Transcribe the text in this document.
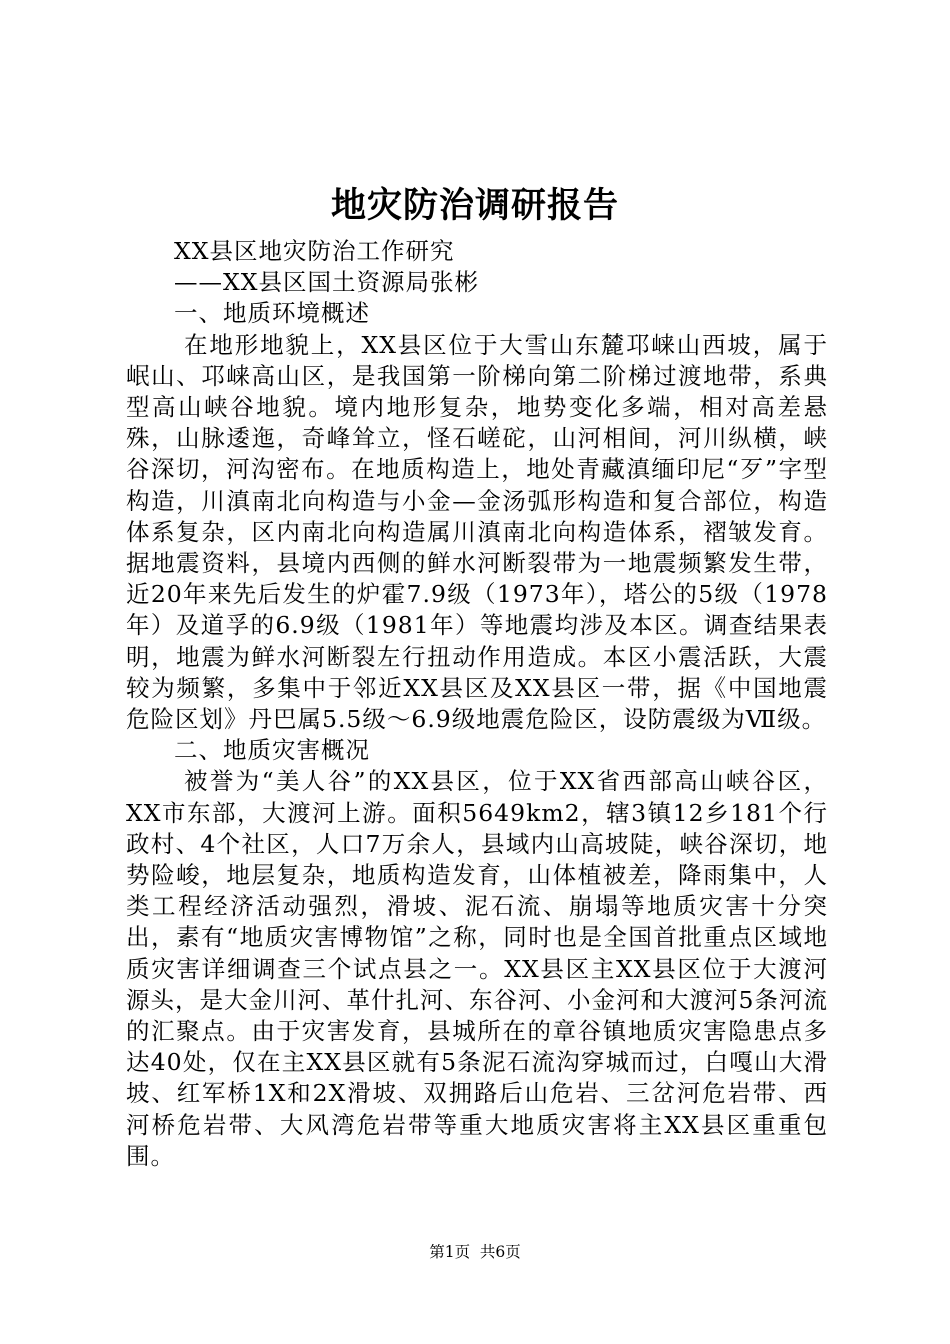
地灾防治调研报告

XX县区地灾防治工作研究

——XX县区国土资源局张彬

一、地质环境概述

在地形地貌上，XX县区位于大雪山东麓邛崃山西坡，属于岷山、邛崃高山区，是我国第一阶梯向第二阶梯过渡地带，系典型高山峡谷地貌。境内地形复杂，地势变化多端，相对高差悬殊，山脉逶迤，奇峰耸立，怪石嵯砣，山河相间，河川纵横，峡谷深切，河沟密布。在地质构造上，地处青藏滇缅印尼“歹”字型构造，川滇南北向构造与小金—金汤弧形构造和复合部位，构造体系复杂，区内南北向构造属川滇南北向构造体系，褶皱发育。据地震资料，县境内西侧的鲜水河断裂带为一地震频繁发生带，近20年来先后发生的炉霍7.9级（1973年），塔公的5级（1978年）及道孚的6.9级（1981年）等地震均涉及本区。调查结果表明，地震为鲜水河断裂左行扭动作用造成。本区小震活跃，大震较为频繁，多集中于邻近XX县区及XX县区一带，据《中国地震危险区划》丹巴属5.5级～6.9级地震危险区，设防震级为Ⅶ级。

二、地质灾害概况

被誉为“美人谷”的XX县区，位于XX省西部高山峡谷区，XX市东部，大渡河上游。面积5649km2，辖3镇12乡181个行政村、4个社区，人口7万余人，县域内山高坡陡，峡谷深切，地势险峻，地层复杂，地质构造发育，山体植被差，降雨集中，人类工程经济活动强烈，滑坡、泥石流、崩塌等地质灾害十分突出，素有“地质灾害博物馆”之称，同时也是全国首批重点区域地质灾害详细调查三个试点县之一。XX县区主XX县区位于大渡河源头，是大金川河、革什扎河、东谷河、小金河和大渡河5条河流的汇聚点。由于灾害发育，县城所在的章谷镇地质灾害隐患点多达40处，仅在主XX县区就有5条泥石流沟穿城而过，白嘎山大滑坡、红军桥1X和2X滑坡、双拥路后山危岩、三岔河危岩带、西河桥危岩带、大风湾危岩带等重大地质灾害将主XX县区重重包围。

第1页  共6页
